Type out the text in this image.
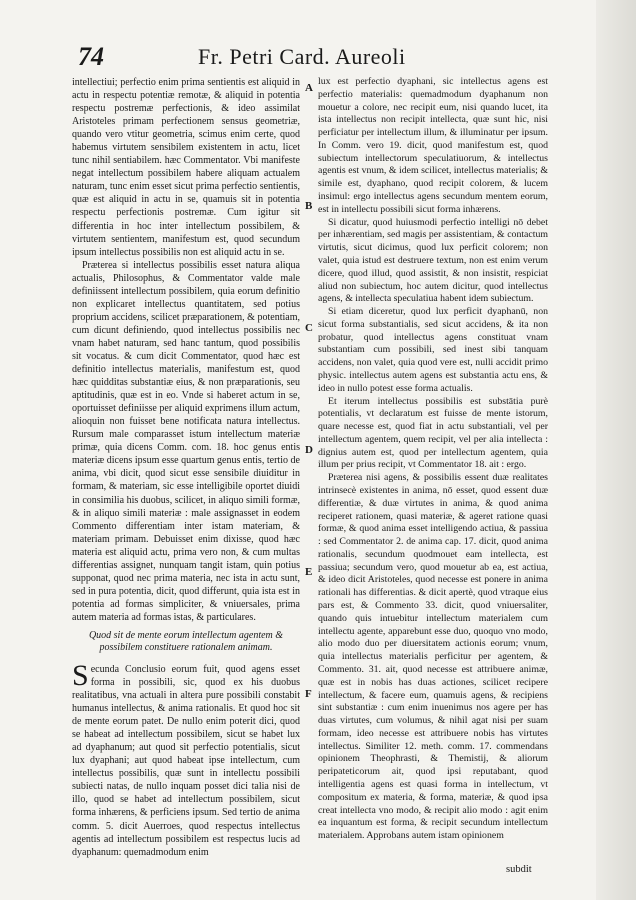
74	Fr. Petri Card. Aureoli

intellectiui; perfectio enim prima sentientis est aliquid in actu in respectu potentiæ remotæ, & aliquid in potentia respectu postremæ perfectionis, & ideo assimilat Aristoteles primam perfectionem sensus geometriæ, quando vero vtitur geometria, scimus enim certe, quod habemus virtutem sensibilem existentem in actu, licet tunc nihil sentiabilem. hæc Commentator. Vbi manifeste negat intellectum possibilem habere aliquam actualem naturam, tunc enim esset sicut prima perfectio sentientis, quæ est aliquid in actu in se, quamuis sit in potentia respectu perfectionis postremæ. Cum igitur sit differentia in hoc inter intellectum possibilem, & virtutem sentientem, manifestum est, quod secundum ipsum intellectus possibilis non est aliquid actu in se.

Præterea si intellectus possibilis esset natura aliqua actualis, Philosophus, & Commentator valde male definiissent intellectum possibilem, quia eorum definitio non explicaret intellectus quantitatem, sed potius proprium accidens, scilicet præparationem, & potentiam, cum dicunt definiendo, quod intellectus possibilis nec vnam habet naturam, sed hanc tantum, quod possibilis sit vocatus. & cum dicit Commentator, quod hæc est definitio intellectus materialis, manifestum est, quod hæc quidditas substantiæ eius, & non præparationis, seu aptitudinis, quæ est in eo. Vnde si haberet actum in se, oportuisset definiisse per aliquid exprimens illum actum, alioquin non fuisset bene notificata natura intellectus. Rursum male comparasset istum intellectum materiæ primæ, quia dicens Comm. com. 18. hoc genus entis materiæ dicens ipsum esse quartum genus entis, tertio de anima, vbi dicit, quod sicut esse sensibile diuiditur in formam, & materiam, sic esse intelligibile oportet diuidi in consimilia his duobus, scilicet, in aliquo simili formæ, & in aliquo simili materiæ : male assignasset in eodem Commento differentiam inter istam materiam, & materiam primam. Debuisset enim dixisse, quod hæc materia est aliquid actu, prima vero non, & cum multas differentias assignet, nunquam tangit istam, quin potius supponat, quod nec prima materia, nec ista in actu sunt, sed in pura potentia, dicit, quod differunt, quia ista est in potentia ad formas simpliciter, & vniuersales, prima autem materia ad formas istas, & particulares.

Quod sit de mente eorum intellectum agentem & possibilem constituere rationalem animam.

Secunda Conclusio eorum fuit, quod agens esset forma in possibili, sic, quod ex his duobus realitatibus, vna actuali in altera pure possibili constabit humanus intellectus, & anima rationalis. Et quod hoc sit de mente eorum patet. De nullo enim poterit dici, quod se habeat ad intellectum possibilem, sicut se habet lux ad dyaphanum; aut quod sit perfectio potentialis, sicut lux dyaphani; aut quod habeat ipse intellectum, cum intellectus possibilis, quæ sunt in intellectu possibili subiecti natas, de nullo inquam posset dici talia nisi de illo, quod se habet ad intellectum possibilem, sicut forma inhærens, & perficiens ipsum. Sed tertio de anima comm. 5. dicit Auerroes, quod respectus intellectus agentis ad intellectum possibilem est respectus lucis ad dyaphanum: quemadmodum enim

lux est perfectio dyaphani, sic intellectus agens est perfectio materialis: quemadmodum dyaphanum non mouetur a colore, nec recipit eum, nisi quando lucet, ita ista intellectus non recipit intellecta, quæ sunt hic, nisi perficiatur per intellectum illum, & illuminatur per ipsum. In Comm. vero 19. dicit, quod manifestum est, quod subiectum intellectorum speculatiuorum, & intellectus agentis est vnum, & idem scilicet, intellectus materialis; & simile est, dyaphano, quod recipit colorem, & lucem insimul: ergo intellectus agens secundum mentem eorum, est in intellectu possibili sicut forma inhærens.

Si dicatur, quod huiusmodi perfectio intelligi nō debet per inhærentiam, sed magis per assistentiam, & contactum virtutis, sicut dicimus, quod lux perficit colorem; non valet, quia istud est destruere textum, non est enim verum dicere, quod illud, quod assistit, & non insistit, respiciat aliud non subiectum, hoc autem dicitur, quod intellectus agens, & intellecta speculatiua habent idem subiectum.

Si etiam diceretur, quod lux perficit dyaphanū, non sicut forma substantialis, sed sicut accidens, & ita non probatur, quod intellectus agens constituat vnam substantiam cum possibili, sed inest sibi tanquam accidens, non valet, quia quod vere est, nulli accidit primo physic. intellectus autem agens est substantia actu ens, & ideo in nullo potest esse forma actualis.

Et iterum intellectus possibilis est substātia purè potentialis, vt declaratum est fuisse de mente istorum, quare necesse est, quod fiat in actu substantiali, vel per intellectum agentem, quem recipit, vel per alia intellecta : dignius autem est, quod per intellectum agentem, quia illum per prius recipit, vt Commentator 18. ait : ergo.

Præterea nisi agens, & possibilis essent duæ realitates intrinsecè existentes in anima, nō esset, quod essent duæ differentiæ, & duæ virtutes in anima, & quod anima reciperet rationem, quasi materiæ, & ageret ratione quasi formæ, & quod anima esset intelligendo actiua, & passiua : sed Commentator 2. de anima cap. 17. dicit, quod anima rationalis, secundum quodmouet eam intellecta, est passiua; secundum vero, quod mouetur ab ea, est actiua, & ideo dicit Aristoteles, quod necesse est ponere in anima rationali has differentias. & dicit apertè, quod vtraque eius pars est, & Commento 33. dicit, quod vniuersaliter, quando quis intuebitur intellectum materialem cum intellectu agente, apparebunt esse duo, quoquo vno modo, alio modo duo per diuersitatem actionis eorum; vnum, quia intellectus materialis perficitur per agentem, & Commento. 31. ait, quod necesse est attribuere animæ, quæ est in nobis has duas actiones, scilicet recipere intellectum, & facere eum, quamuis agens, & recipiens sint substantiæ : cum enim inuenimus nos agere per has duas virtutes, cum volumus, & nihil agat nisi per suam formam, ideo necesse est attribuere nobis has virtutes intellectus. Similiter 12. meth. comm. 17. commendans opinionem Theophrasti, & Themistij, & aliorum peripateticorum ait, quod ipsi reputabant, quod intelligentia agens est quasi forma in intellectum, vt compositum ex materia, & forma, materiæ, & quod ipsa creat intellecta vno modo, & recipit alio modo : agit enim ea inquantum est forma, & recipit secundum intellectum materialem. Approbans autem istam opinionem

A
B
C
D
E
F
subdit
